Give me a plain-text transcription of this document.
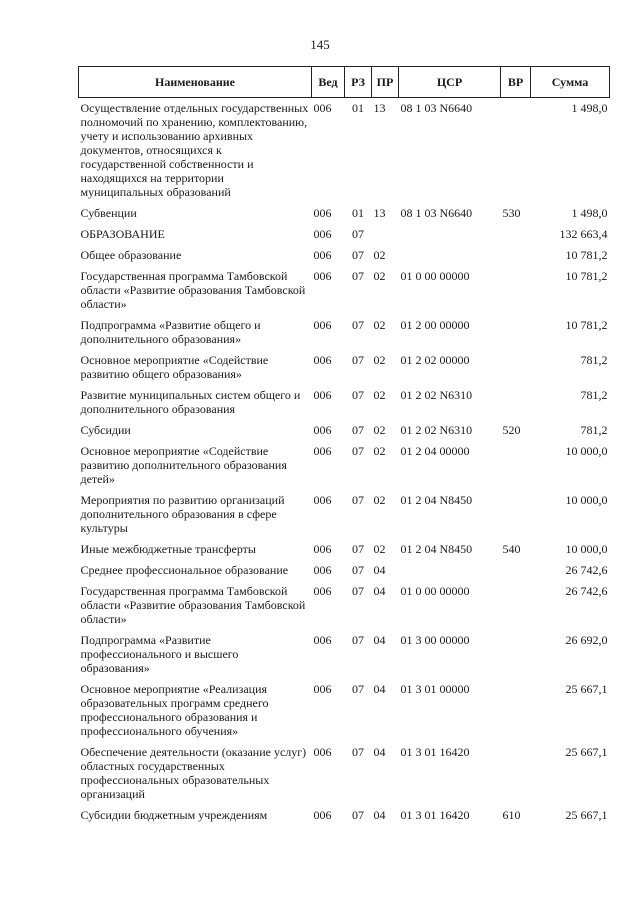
145
Наименование	Вед	РЗ	ПР	ЦСР	ВР	Сумма
Осуществление отдельных государственных полномочий по хранению, комплектованию, учету и использованию архивных документов, относящихся к государственной собственности и находящихся на территории муниципальных образований	006	01	13	08 1 03 N6640		1 498,0
Субвенции	006	01	13	08 1 03 N6640	530	1 498,0
ОБРАЗОВАНИЕ	006	07				132 663,4
Общее образование	006	07	02			10 781,2
Государственная программа Тамбовской области «Развитие образования Тамбовской области»	006	07	02	01 0 00 00000		10 781,2
Подпрограмма «Развитие общего и дополнительного образования»	006	07	02	01 2 00 00000		10 781,2
Основное мероприятие «Содействие развитию общего образования»	006	07	02	01 2 02 00000		781,2
Развитие муниципальных систем общего и дополнительного образования	006	07	02	01 2 02 N6310		781,2
Субсидии	006	07	02	01 2 02 N6310	520	781,2
Основное мероприятие «Содействие развитию дополнительного образования детей»	006	07	02	01 2 04 00000		10 000,0
Мероприятия по развитию организаций дополнительного образования в сфере культуры	006	07	02	01 2 04 N8450		10 000,0
Иные межбюджетные трансферты	006	07	02	01 2 04 N8450	540	10 000,0
Среднее профессиональное образование	006	07	04			26 742,6
Государственная программа Тамбовской области «Развитие образования Тамбовской области»	006	07	04	01 0 00 00000		26 742,6
Подпрограмма «Развитие профессионального и высшего образования»	006	07	04	01 3 00 00000		26 692,0
Основное мероприятие «Реализация образовательных программ среднего профессионального образования и профессионального обучения»	006	07	04	01 3 01 00000		25 667,1
Обеспечение деятельности (оказание услуг) областных государственных профессиональных образовательных организаций	006	07	04	01 3 01 16420		25 667,1
Субсидии бюджетным учреждениям	006	07	04	01 3 01 16420	610	25 667,1
